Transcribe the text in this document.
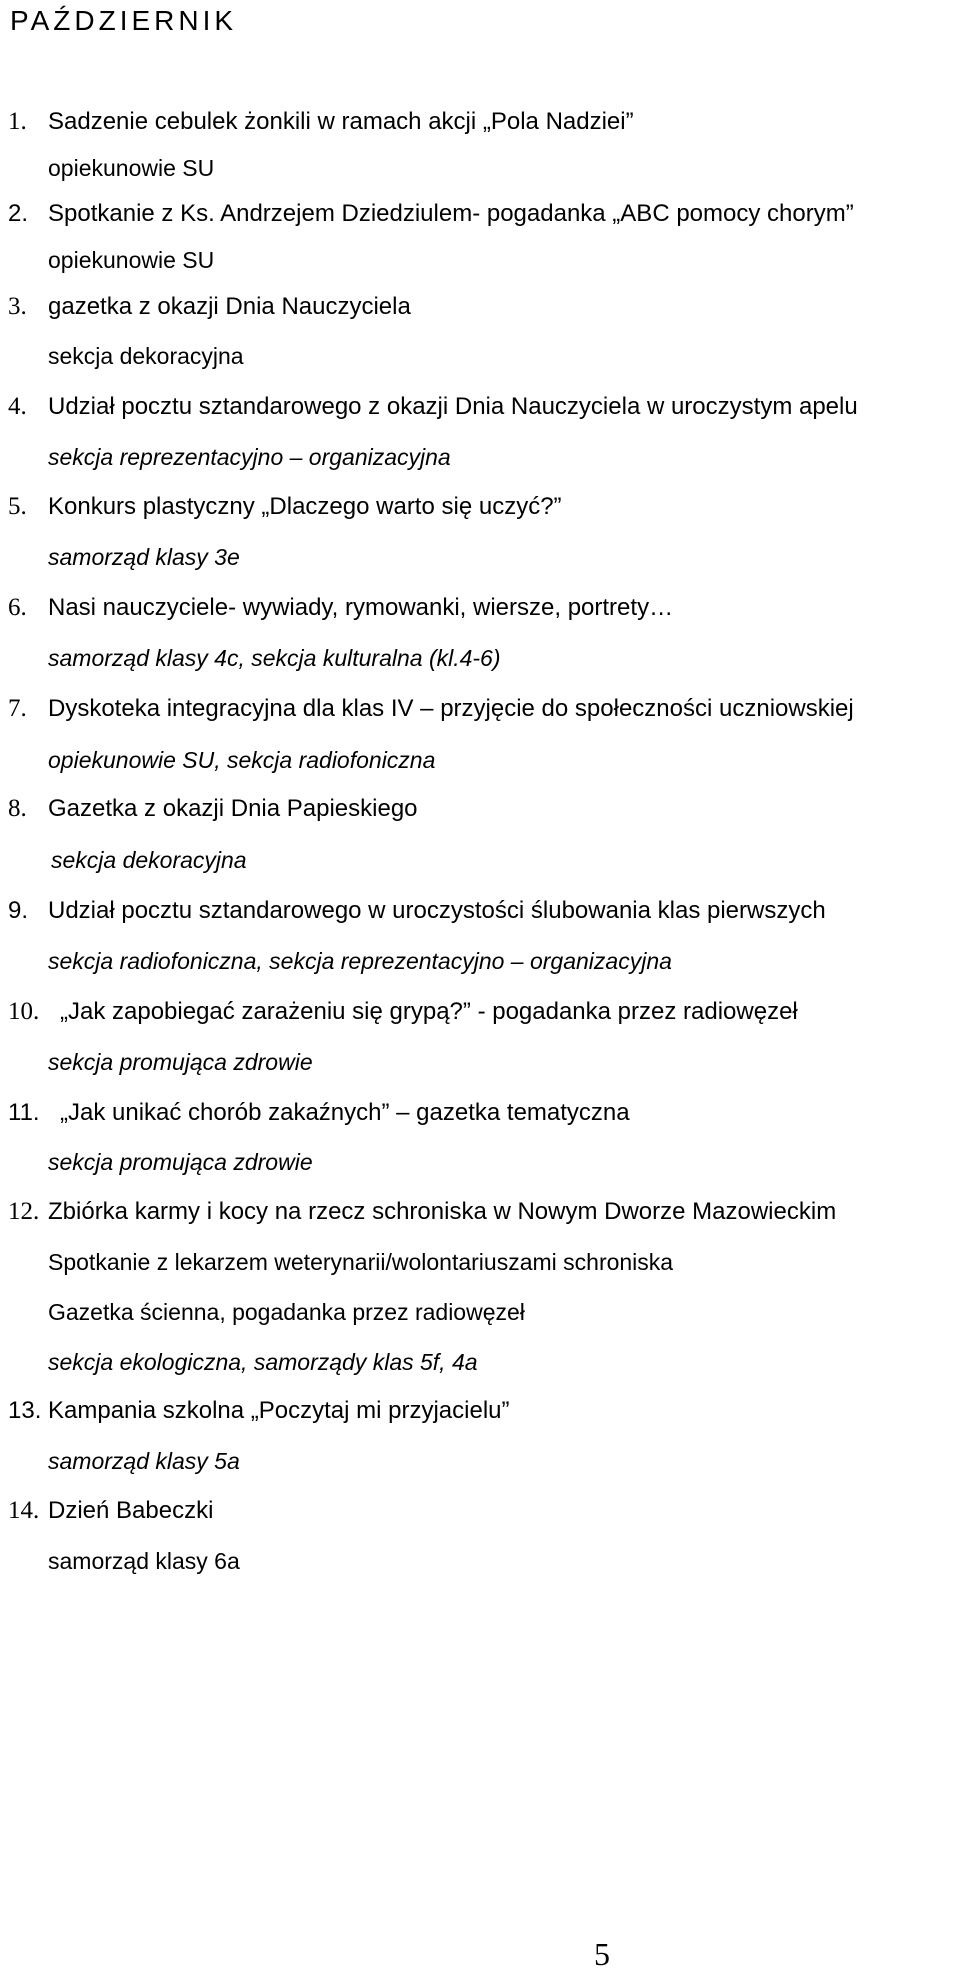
PAŹDZIERNIK
1. Sadzenie cebulek żonkili w ramach akcji „Pola Nadziei”
opiekunowie SU
2. Spotkanie z Ks. Andrzejem Dziedziulem- pogadanka „ABC pomocy chorym”
opiekunowie SU
3. gazetka z okazji Dnia Nauczyciela
sekcja dekoracyjna
4. Udział pocztu sztandarowego z okazji Dnia Nauczyciela w uroczystym apelu
sekcja reprezentacyjno – organizacyjna
5. Konkurs plastyczny „Dlaczego warto się uczyć?”
samorząd klasy 3e
6. Nasi nauczyciele- wywiady, rymowanki, wiersze, portrety…
samorząd klasy 4c, sekcja kulturalna (kl.4-6)
7. Dyskoteka integracyjna dla klas IV – przyjęcie do społeczności uczniowskiej
opiekunowie SU, sekcja radiofoniczna
8. Gazetka z okazji Dnia Papieskiego
sekcja dekoracyjna
9. Udział pocztu sztandarowego w uroczystości ślubowania klas pierwszych
sekcja radiofoniczna, sekcja reprezentacyjno – organizacyjna
10. „Jak zapobiegać zarażeniu się grypą?” - pogadanka przez radiowęzeł
sekcja promująca zdrowie
11. „Jak unikać chorób zakaźnych” – gazetka tematyczna
sekcja promująca zdrowie
12. Zbiórka karmy i kocy na rzecz schroniska w Nowym Dworze Mazowieckim
Spotkanie z lekarzem weterynarii/wolontariuszami schroniska
Gazetka ścienna, pogadanka przez radiowęzeł
sekcja ekologiczna, samorządy klas 5f, 4a
13. Kampania szkolna „Poczytaj mi przyjacielu”
samorząd klasy 5a
14. Dzień Babeczki
samorząd klasy 6a
5
